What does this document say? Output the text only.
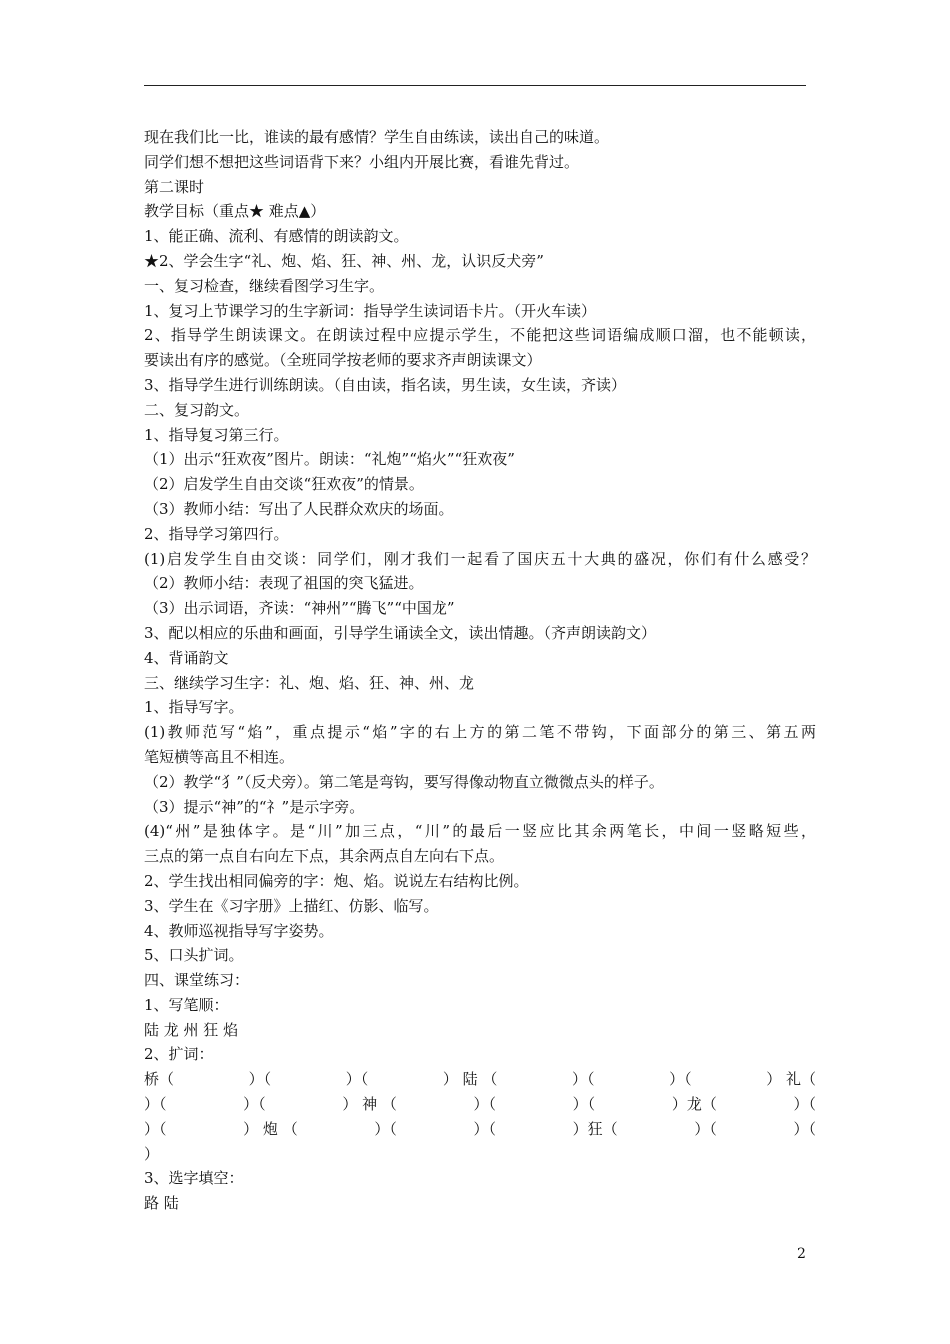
现在我们比一比，谁读的最有感情？学生自由练读，读出自己的味道。
同学们想不想把这些词语背下来？小组内开展比赛，看谁先背过。
第二课时
教学目标（重点★ 难点▲）
1、能正确、流利、有感情的朗读韵文。
★2、学会生字“礼、炮、焰、狂、神、州、龙，认识反犬旁”
一、复习检查，继续看图学习生字。
1、复习上节课学习的生字新词：指导学生读词语卡片。（开火车读）
2、指导学生朗读课文。在朗读过程中应提示学生，不能把这些词语编成顺口溜，也不能顿读，
要读出有序的感觉。（全班同学按老师的要求齐声朗读课文）
3、指导学生进行训练朗读。（自由读，指名读，男生读，女生读，齐读）
二、复习韵文。
1、指导复习第三行。
（1）出示“狂欢夜”图片。朗读：“礼炮”“焰火”“狂欢夜”
（2）启发学生自由交谈“狂欢夜”的情景。
（3）教师小结：写出了人民群众欢庆的场面。
2、指导学习第四行。
(1)启发学生自由交谈：同学们，刚才我们一起看了国庆五十大典的盛况，你们有什么感受？
（2）教师小结：表现了祖国的突飞猛进。
（3）出示词语，齐读：“神州”“腾飞”“中国龙”
3、配以相应的乐曲和画面，引导学生诵读全文，读出情趣。（齐声朗读韵文）
4、背诵韵文
三、继续学习生字：礼、炮、焰、狂、神、州、龙
1、指导写字。
(1)教师范写“焰”，重点提示“焰”字的右上方的第二笔不带钩，下面部分的第三、第五两
笔短横等高且不相连。
（2）教学“犭”（反犬旁）。第二笔是弯钩，要写得像动物直立微微点头的样子。
（3）提示“神”的“礻”是示字旁。
(4)“州”是独体字。是“川”加三点，“川”的最后一竖应比其余两笔长，中间一竖略短些，
三点的第一点自右向左下点，其余两点自左向右下点。
2、学生找出相同偏旁的字：炮、焰。说说左右结构比例。
3、学生在《习字册》上描红、仿影、临写。
4、教师巡视指导写字姿势。
5、口头扩词。
四、课堂练习：
1、写笔顺：
陆 龙 州 狂 焰
2、扩词：
桥（	）（	）（	） 陆 （	）（	）（	） 礼（
）（	）（	） 神 （	）（	）（	）龙（	）（
）（	） 炮 （	）（	）（	）狂（	）（	）（
）
3、选字填空：
路 陆
2
